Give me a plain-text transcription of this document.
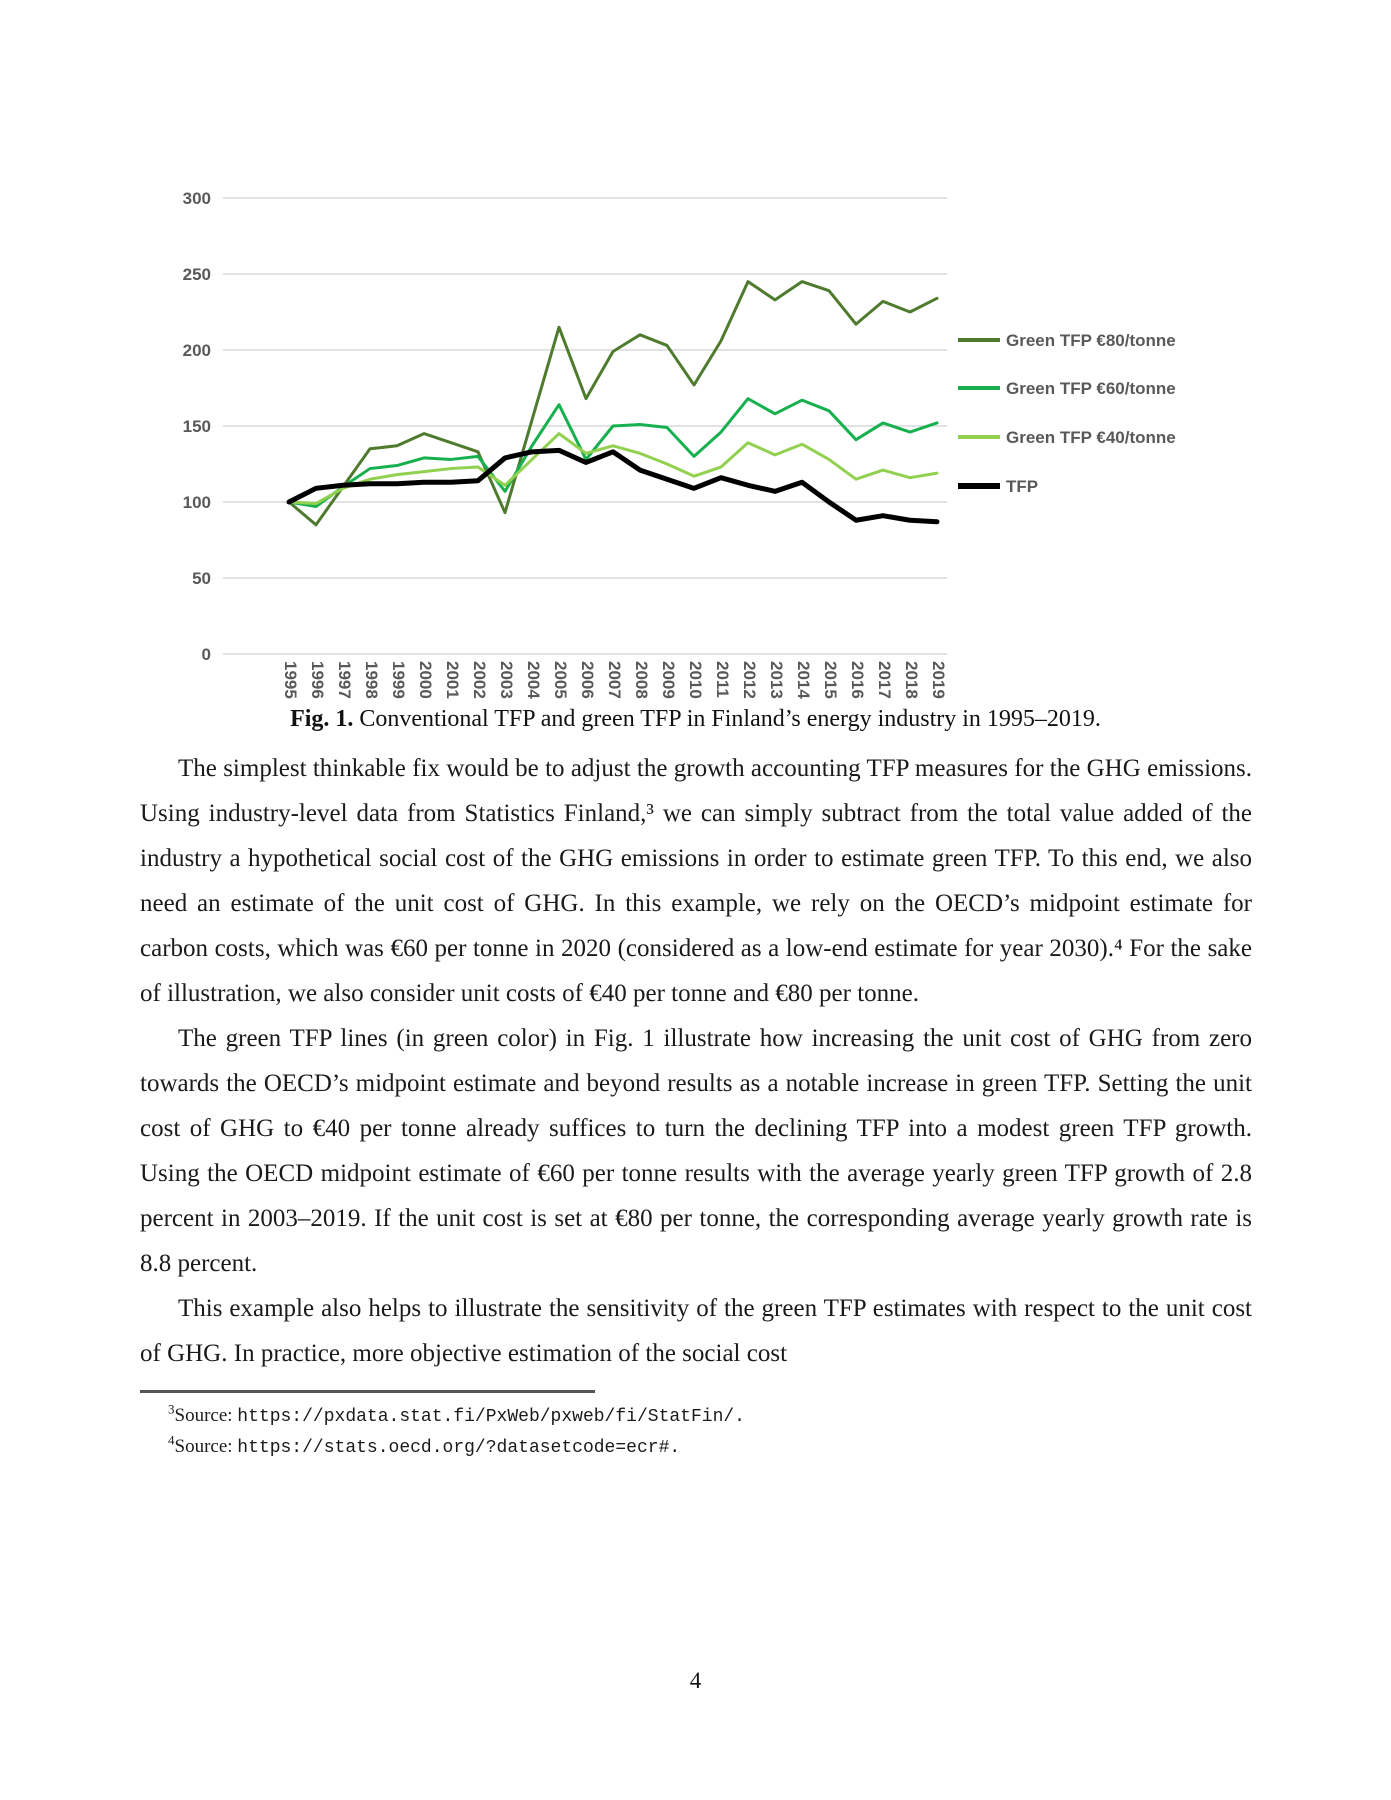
0
50
100
150
200
250
300
1995 1996 1997 1998 1999 2000 2001 2002 2003 2004 2005 2006 2007 2008 2009 2010 2011 2012 2013 2014 2015 2016 2017 2018 2019
Green TFP €80/tonne
Green TFP €60/tonne
Green TFP €40/tonne
TFP
Fig. 1. Conventional TFP and green TFP in Finland’s energy industry in 1995–2019.

The simplest thinkable fix would be to adjust the growth accounting TFP measures for the GHG emissions. Using industry-level data from Statistics Finland,³ we can simply subtract from the total value added of the industry a hypothetical social cost of the GHG emissions in order to estimate green TFP. To this end, we also need an estimate of the unit cost of GHG. In this example, we rely on the OECD’s midpoint estimate for carbon costs, which was €60 per tonne in 2020 (considered as a low-end estimate for year 2030).⁴ For the sake of illustration, we also consider unit costs of €40 per tonne and €80 per tonne.

The green TFP lines (in green color) in Fig. 1 illustrate how increasing the unit cost of GHG from zero towards the OECD’s midpoint estimate and beyond results as a notable increase in green TFP. Setting the unit cost of GHG to €40 per tonne already suffices to turn the declining TFP into a modest green TFP growth. Using the OECD midpoint estimate of €60 per tonne results with the average yearly green TFP growth of 2.8 percent in 2003–2019. If the unit cost is set at €80 per tonne, the corresponding average yearly growth rate is 8.8 percent.

This example also helps to illustrate the sensitivity of the green TFP estimates with respect to the unit cost of GHG. In practice, more objective estimation of the social cost

$^3$Source: https://pxdata.stat.fi/PxWeb/pxweb/fi/StatFin/.
$^4$Source: https://stats.oecd.org/?datasetcode=ecr#.
4
